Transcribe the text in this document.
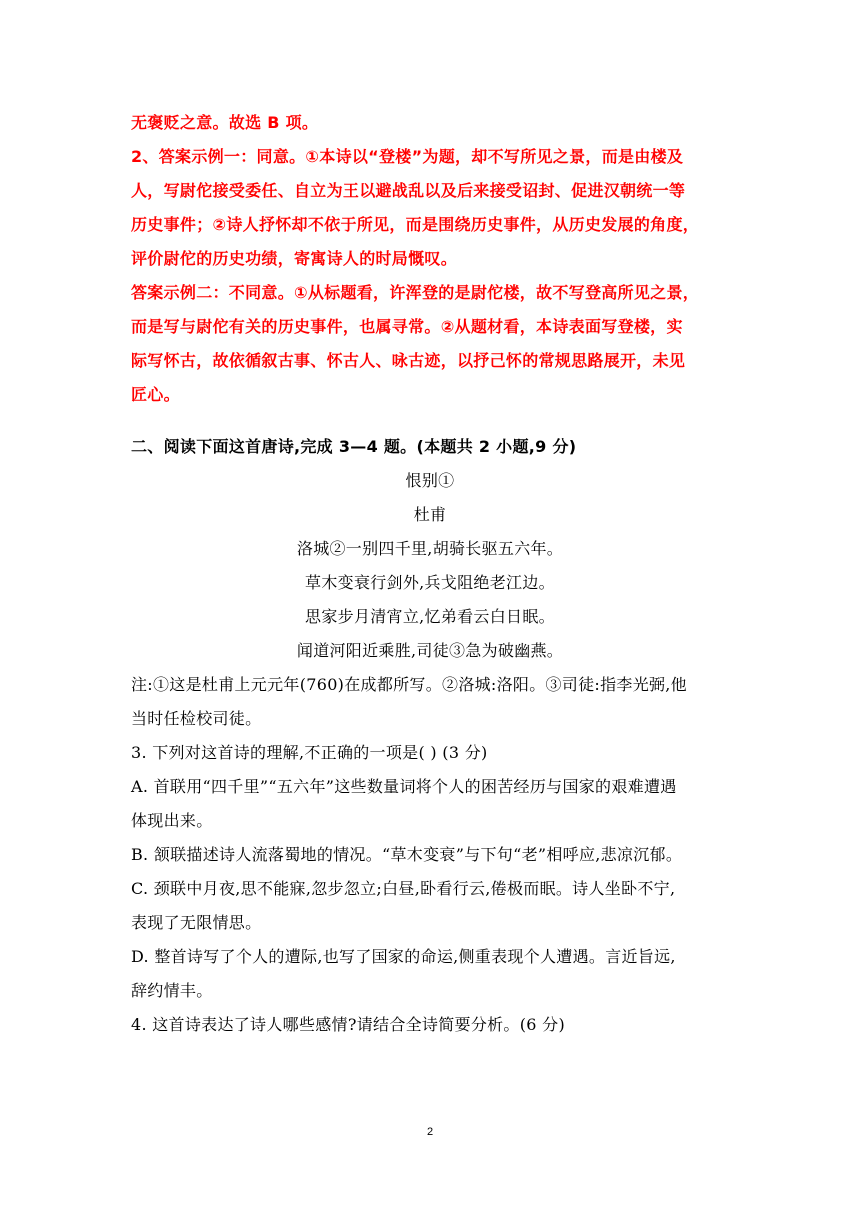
无褒贬之意。故选 B 项。
2、答案示例一：同意。①本诗以“登楼”为题，却不写所见之景，而是由楼及
人，写尉佗接受委任、自立为王以避战乱以及后来接受诏封、促进汉朝统一等
历史事件；②诗人抒怀却不依于所见，而是围绕历史事件，从历史发展的角度，
评价尉佗的历史功绩，寄寓诗人的时局慨叹。
答案示例二：不同意。①从标题看，许浑登的是尉佗楼，故不写登高所见之景，
而是写与尉佗有关的历史事件，也属寻常。②从题材看，本诗表面写登楼，实
际写怀古，故依循叙古事、怀古人、咏古迹，以抒己怀的常规思路展开，未见
匠心。
二、阅读下面这首唐诗,完成 3—4 题。(本题共 2 小题,9 分)
恨别①
杜甫
洛城②一别四千里,胡骑长驱五六年。
草木变衰行剑外,兵戈阻绝老江边。
思家步月清宵立,忆弟看云白日眠。
闻道河阳近乘胜,司徒③急为破幽燕。
注:①这是杜甫上元元年(760)在成都所写。②洛城:洛阳。③司徒:指李光弼,他
当时任检校司徒。
3. 下列对这首诗的理解,不正确的一项是( ) (3 分)
A. 首联用“四千里”“五六年”这些数量词将个人的困苦经历与国家的艰难遭遇
体现出来。
B. 颔联描述诗人流落蜀地的情况。“草木变衰”与下句“老”相呼应,悲凉沉郁。
C. 颈联中月夜,思不能寐,忽步忽立;白昼,卧看行云,倦极而眠。诗人坐卧不宁,
表现了无限情思。
D. 整首诗写了个人的遭际,也写了国家的命运,侧重表现个人遭遇。言近旨远,
辞约情丰。
4. 这首诗表达了诗人哪些感情?请结合全诗简要分析。(6 分)
2
